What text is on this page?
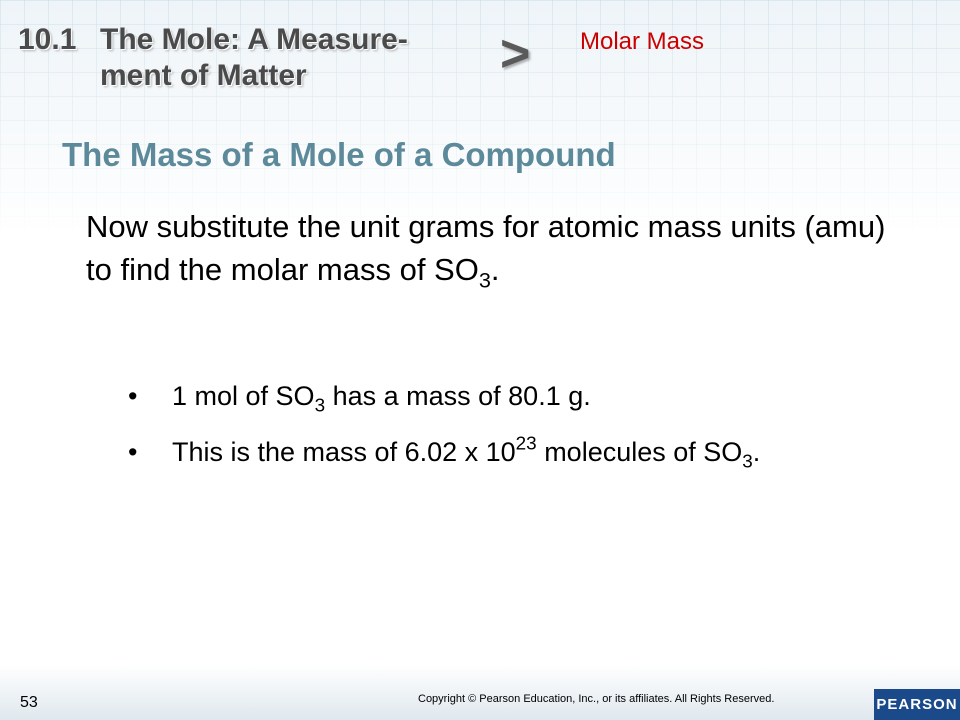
10.1 The Mole: A Measure-
ment of Matter	> Molar Mass
The Mass of a Mole of a Compound
Now substitute the unit grams for atomic mass units (amu) to find the molar mass of $SO_3$.
• 1 mol of $SO_3$ has a mass of 80.1 g.
• This is the mass of 6.02 x $10^{23}$ molecules of $SO_3$.
53	Copyright © Pearson Education, Inc., or its affiliates. All Rights Reserved.	PEARSON
